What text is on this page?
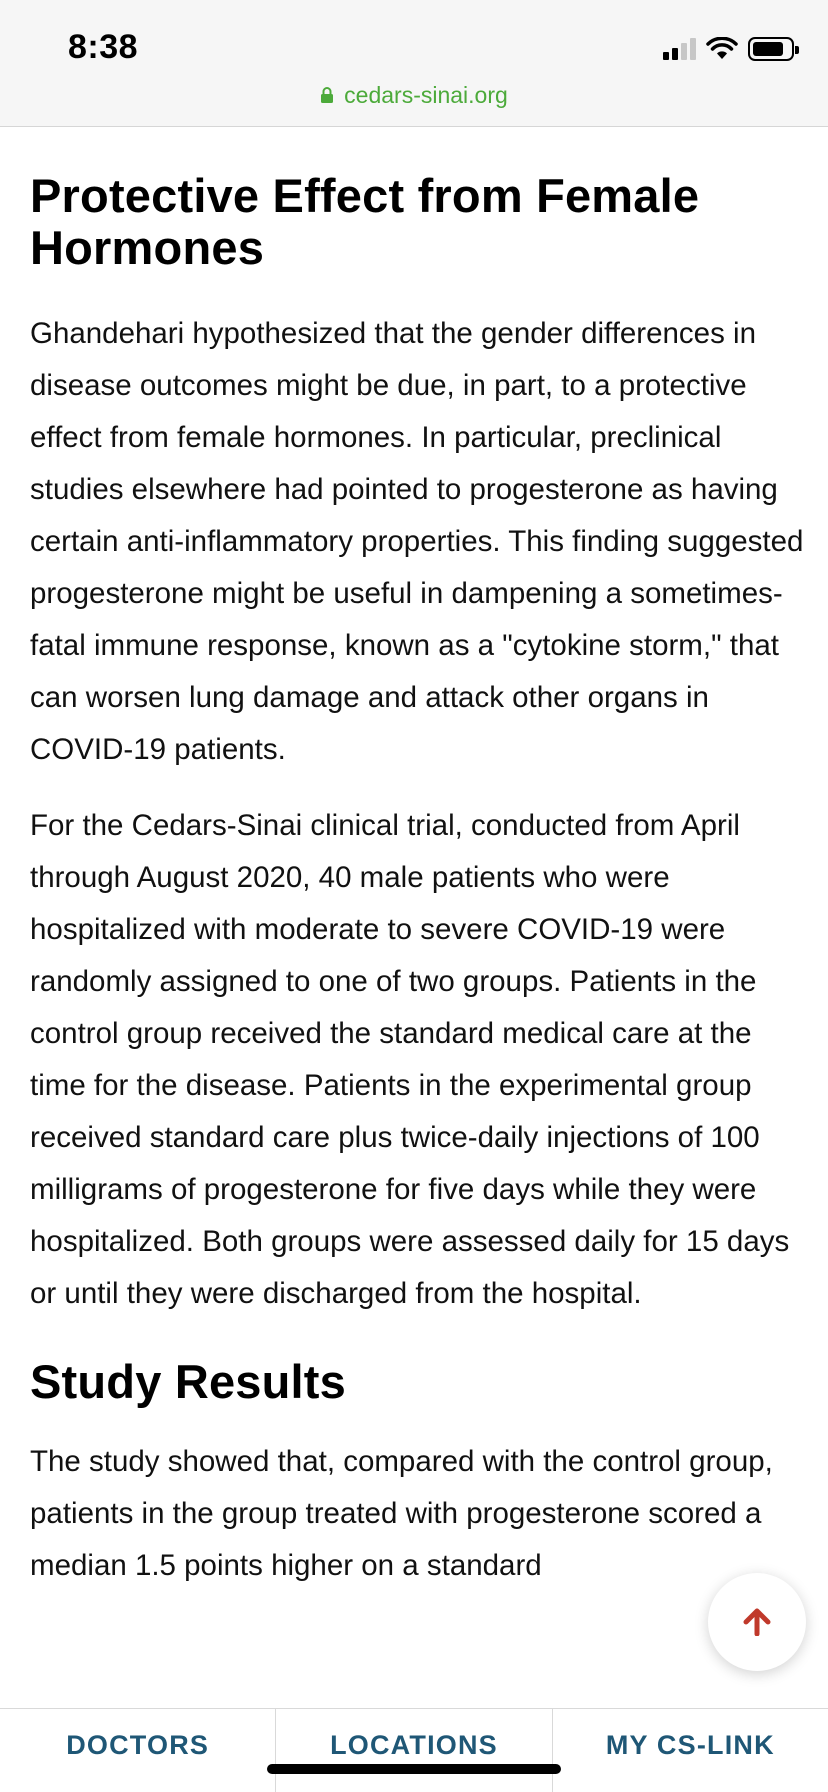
8:38
cedars-sinai.org
Protective Effect from Female Hormones

Ghandehari hypothesized that the gender differences in disease outcomes might be due, in part, to a protective effect from female hormones. In particular, preclinical studies elsewhere had pointed to progesterone as having certain anti-inflammatory properties. This finding suggested progesterone might be useful in dampening a sometimes-fatal immune response, known as a "cytokine storm," that can worsen lung damage and attack other organs in COVID-19 patients.

For the Cedars-Sinai clinical trial, conducted from April through August 2020, 40 male patients who were hospitalized with moderate to severe COVID-19 were randomly assigned to one of two groups. Patients in the control group received the standard medical care at the time for the disease. Patients in the experimental group received standard care plus twice-daily injections of 100 milligrams of progesterone for five days while they were hospitalized. Both groups were assessed daily for 15 days or until they were discharged from the hospital.

Study Results

The study showed that, compared with the control group, patients in the group treated with progesterone scored a median 1.5 points higher on a standard

DOCTORS	LOCATIONS	MY CS-LINK
